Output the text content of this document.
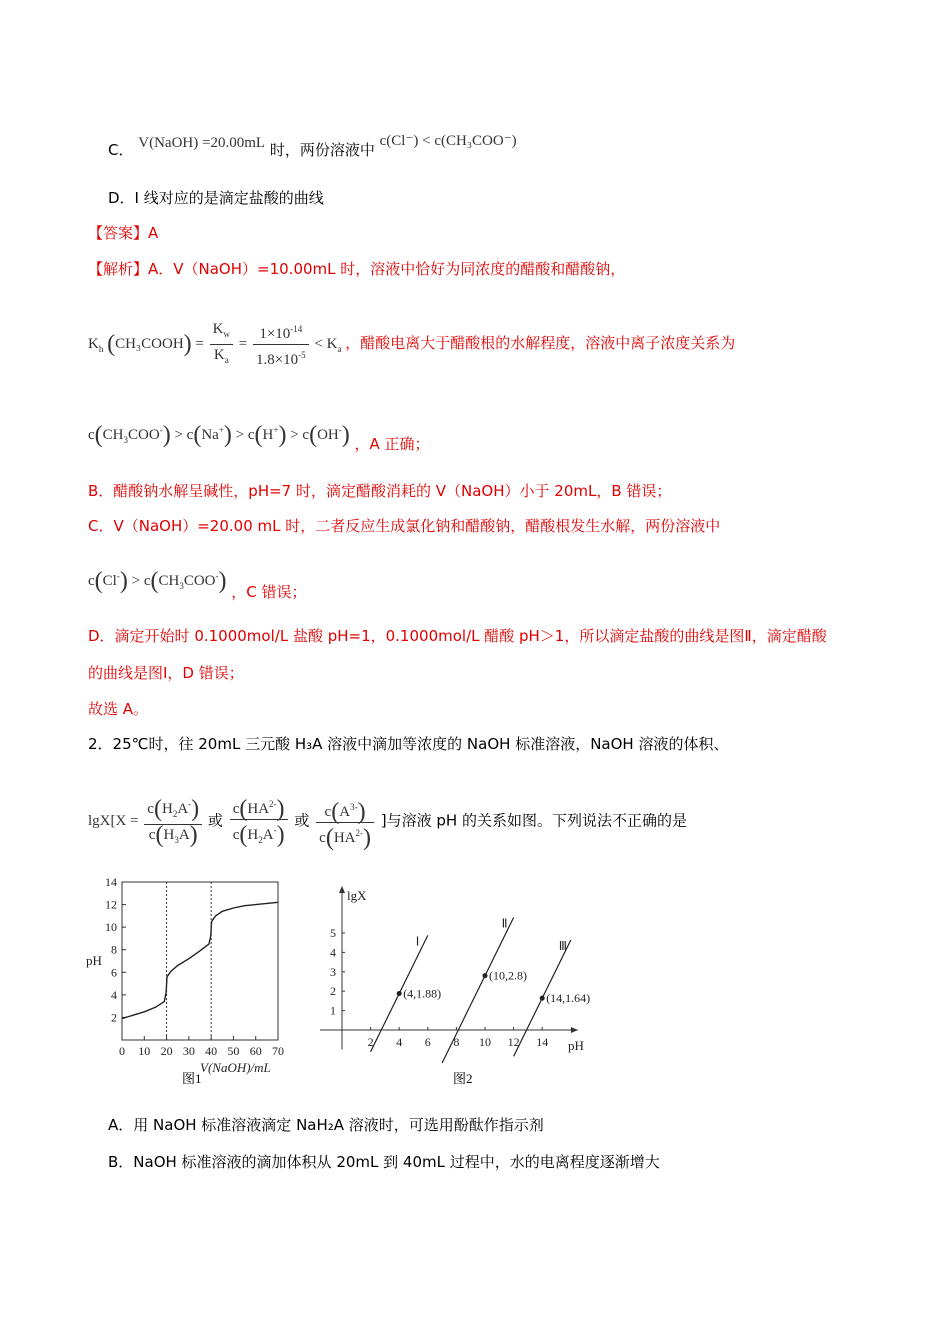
C． V(NaOH) =20.00mL 时，两份溶液中 c(Cl⁻) < c(CH₃COO⁻)
D．I 线对应的是滴定盐酸的曲线
【答案】A
【解析】A．V（NaOH）=10.00mL 时，溶液中恰好为同浓度的醋酸和醋酸钠，
$K_h$ (CH₃COOH) = $\frac{K_w}{K_a} = \frac{1\times 10^{-14}}{1.8\times 10^{-5}} < K_a$ ，醋酸电离大于醋酸根的水解程度，溶液中离子浓度关系为
$c(CH_3COO^-) > c(Na^+) > c(H^+) > c(OH^-)$ ，A 正确；
B．醋酸钠水解呈碱性，pH=7 时，滴定醋酸消耗的 V（NaOH）小于 20mL，B 错误；
C．V（NaOH）=20.00 mL 时，二者反应生成氯化钠和醋酸钠，醋酸根发生水解，两份溶液中
$c(Cl^-) > c(CH_3COO^-)$ ，C 错误；
D．滴定开始时 0.1000mol/L 盐酸 pH=1，0.1000mol/L 醋酸 pH＞1，所以滴定盐酸的曲线是图Ⅱ，滴定醋酸
的曲线是图Ⅰ，D 错误；
故选 A。
2．25℃时，往 20mL 三元酸 H₃A 溶液中滴加等浓度的 NaOH 标准溶液，NaOH 溶液的体积、
$\lg X[X = \frac{c(H_2A^-)}{c(H_3A)}$ 或 $\frac{c(HA^{2-})}{c(H_2A^-)}$ 或 $\frac{c(A^{3-})}{c(HA^{2-})}$ ]与溶液 pH 的关系如图。下列说法不正确的是
0 10 20 30 40 50 60 70
2
4
6
8
10
12
14
pH
V(NaOH)/mL
图1
lgX
pH
2 4 6 8 10 12 14
1
2
3
4
5
(4,1.88)
Ⅰ
(10,2.8)
Ⅱ
(14,1.64)
Ⅲ
图2
A．用 NaOH 标准溶液滴定 NaH₂A 溶液时，可选用酚酞作指示剂
B．NaOH 标准溶液的滴加体积从 20mL 到 40mL 过程中，水的电离程度逐渐增大
